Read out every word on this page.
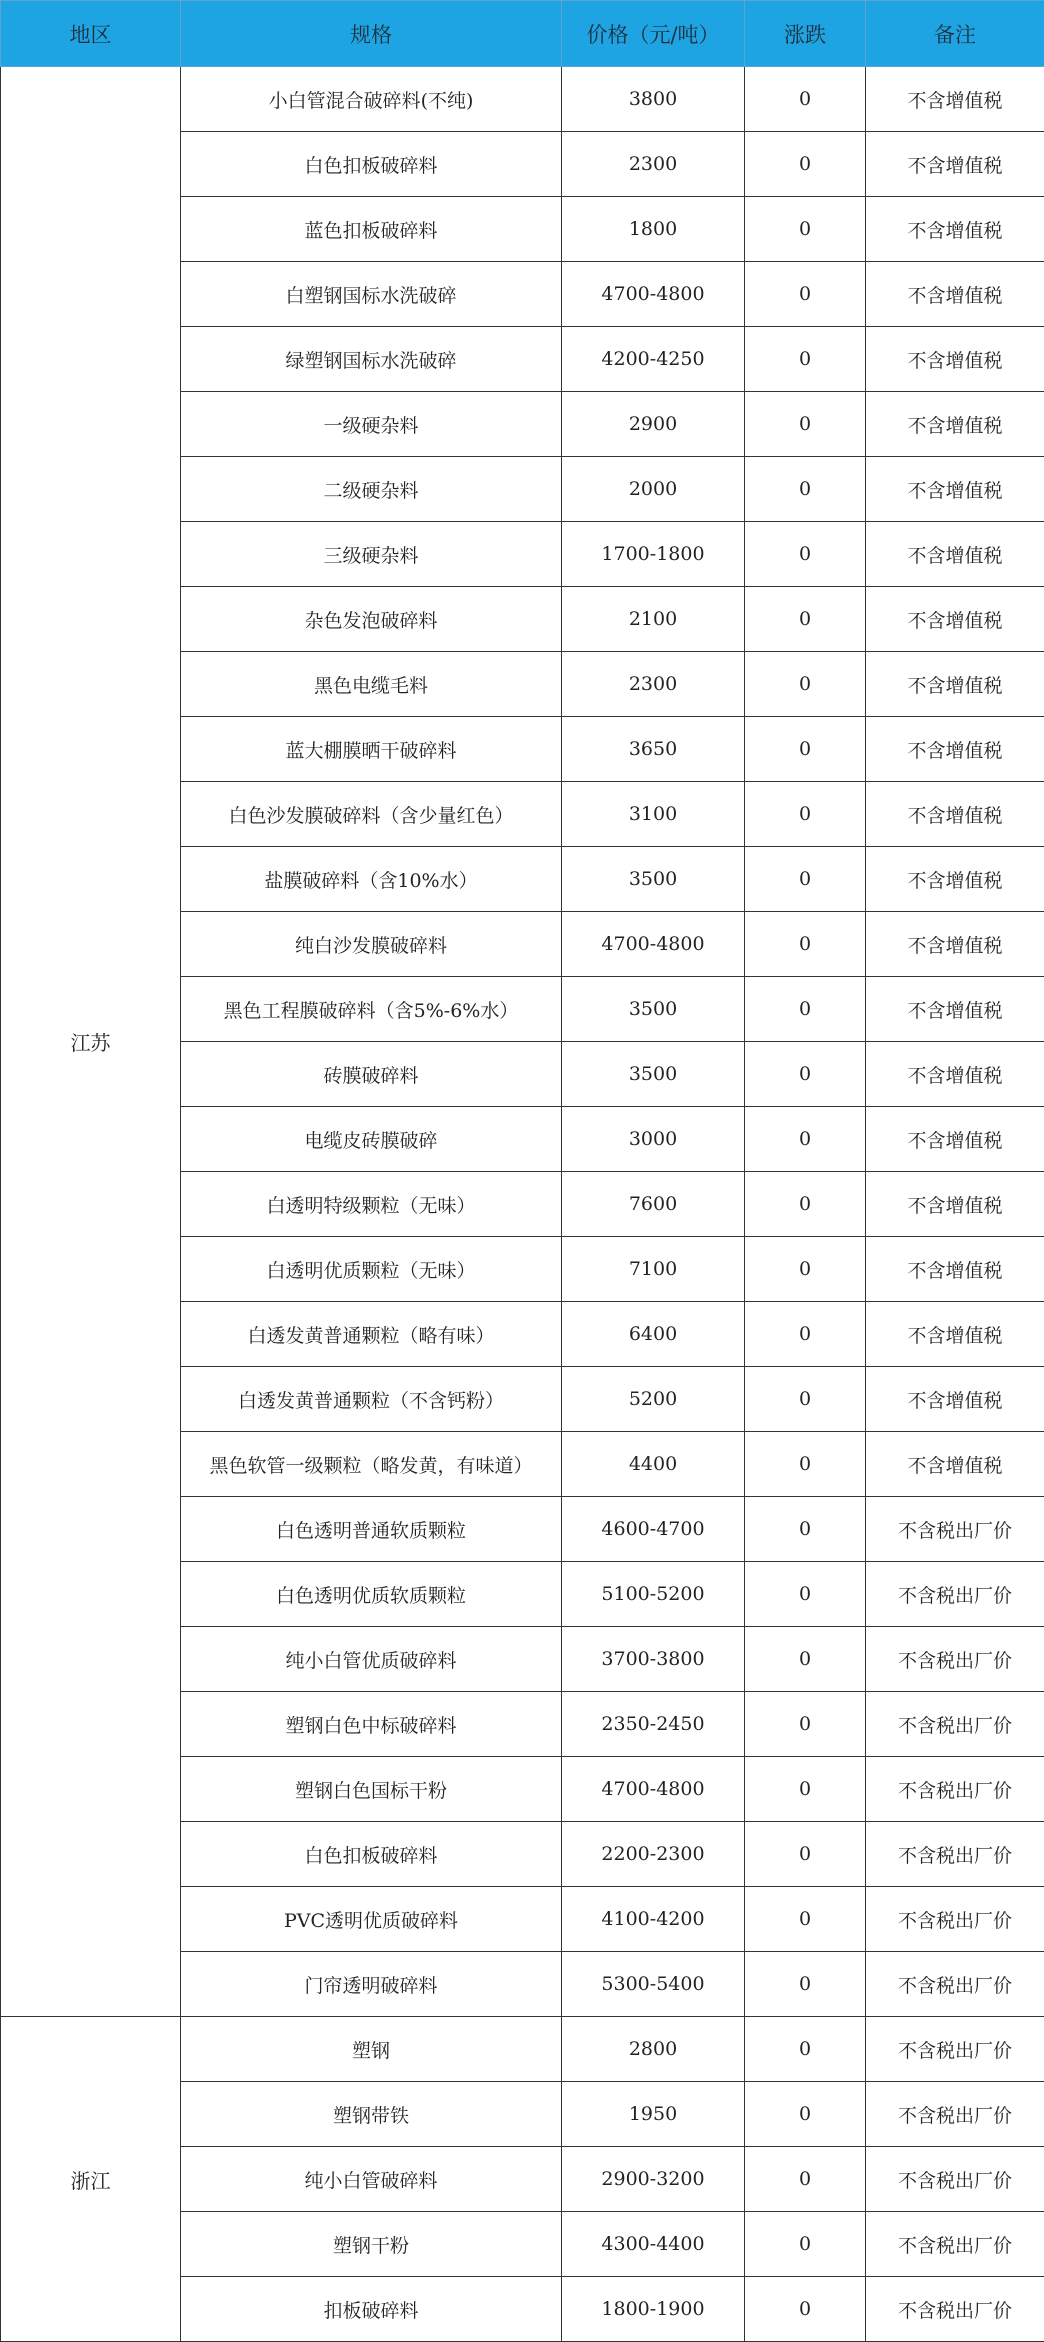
地区	规格	价格（元/吨）	涨跌	备注
江苏	小白管混合破碎料(不纯)	3800	0	不含增值税
	白色扣板破碎料	2300	0	不含增值税
	蓝色扣板破碎料	1800	0	不含增值税
	白塑钢国标水洗破碎	4700-4800	0	不含增值税
	绿塑钢国标水洗破碎	4200-4250	0	不含增值税
	一级硬杂料	2900	0	不含增值税
	二级硬杂料	2000	0	不含增值税
	三级硬杂料	1700-1800	0	不含增值税
	杂色发泡破碎料	2100	0	不含增值税
	黑色电缆毛料	2300	0	不含增值税
	蓝大棚膜晒干破碎料	3650	0	不含增值税
	白色沙发膜破碎料（含少量红色）	3100	0	不含增值税
	盐膜破碎料（含10%水）	3500	0	不含增值税
	纯白沙发膜破碎料	4700-4800	0	不含增值税
	黑色工程膜破碎料（含5%-6%水）	3500	0	不含增值税
	砖膜破碎料	3500	0	不含增值税
	电缆皮砖膜破碎	3000	0	不含增值税
	白透明特级颗粒（无味）	7600	0	不含增值税
	白透明优质颗粒（无味）	7100	0	不含增值税
	白透发黄普通颗粒（略有味）	6400	0	不含增值税
	白透发黄普通颗粒（不含钙粉）	5200	0	不含增值税
	黑色软管一级颗粒（略发黄，有味道）	4400	0	不含增值税
	白色透明普通软质颗粒	4600-4700	0	不含税出厂价
	白色透明优质软质颗粒	5100-5200	0	不含税出厂价
	纯小白管优质破碎料	3700-3800	0	不含税出厂价
	塑钢白色中标破碎料	2350-2450	0	不含税出厂价
	塑钢白色国标干粉	4700-4800	0	不含税出厂价
	白色扣板破碎料	2200-2300	0	不含税出厂价
	PVC透明优质破碎料	4100-4200	0	不含税出厂价
	门帘透明破碎料	5300-5400	0	不含税出厂价
浙江	塑钢	2800	0	不含税出厂价
	塑钢带铁	1950	0	不含税出厂价
	纯小白管破碎料	2900-3200	0	不含税出厂价
	塑钢干粉	4300-4400	0	不含税出厂价
	扣板破碎料	1800-1900	0	不含税出厂价
